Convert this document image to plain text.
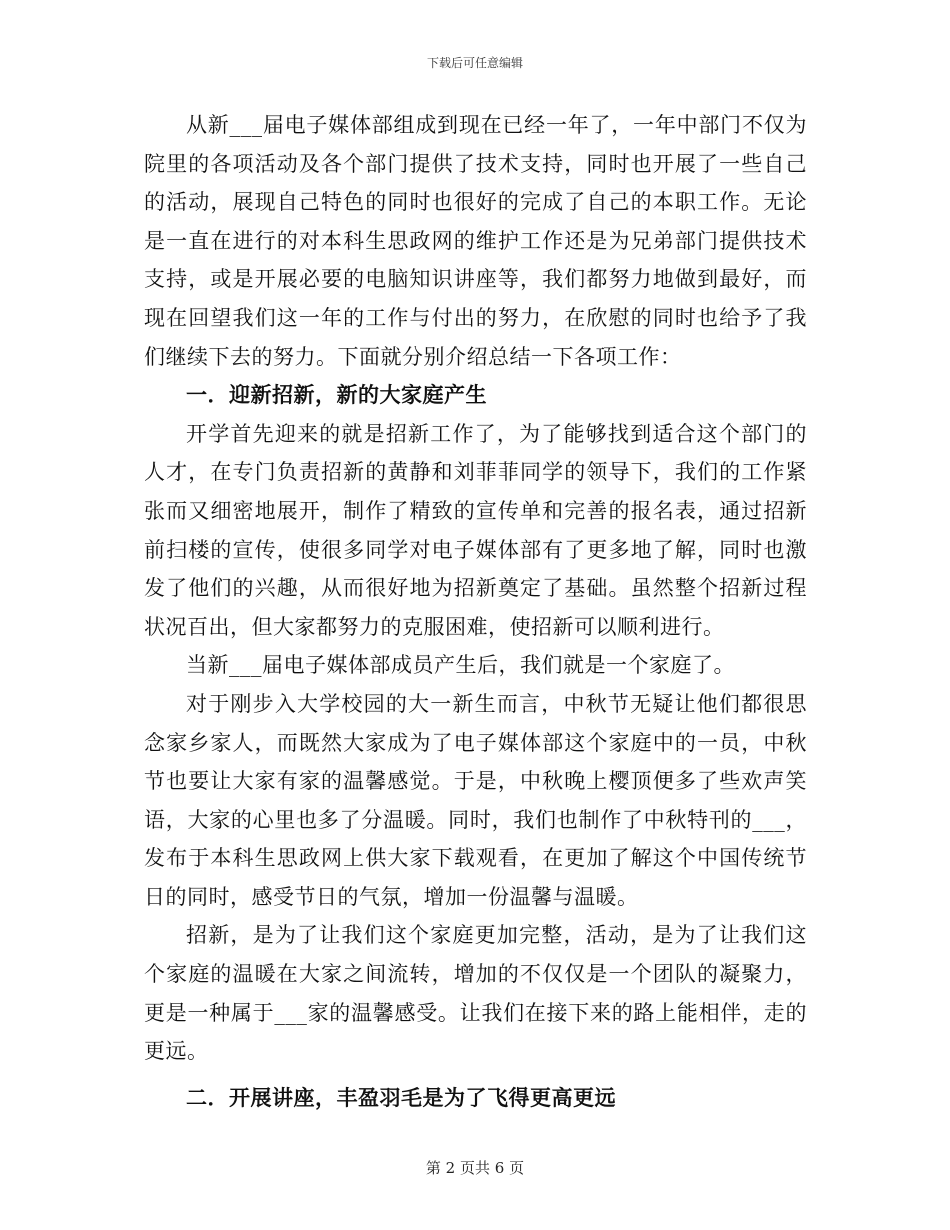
下载后可任意编辑

从新___届电子媒体部组成到现在已经一年了，一年中部门不仅为院里的各项活动及各个部门提供了技术支持，同时也开展了一些自己的活动，展现自己特色的同时也很好的完成了自己的本职工作。无论是一直在进行的对本科生思政网的维护工作还是为兄弟部门提供技术支持，或是开展必要的电脑知识讲座等，我们都努力地做到最好，而现在回望我们这一年的工作与付出的努力，在欣慰的同时也给予了我们继续下去的努力。下面就分别介绍总结一下各项工作：

一．迎新招新，新的大家庭产生

开学首先迎来的就是招新工作了，为了能够找到适合这个部门的人才，在专门负责招新的黄静和刘菲菲同学的领导下，我们的工作紧张而又细密地展开，制作了精致的宣传单和完善的报名表，通过招新前扫楼的宣传，使很多同学对电子媒体部有了更多地了解，同时也激发了他们的兴趣，从而很好地为招新奠定了基础。虽然整个招新过程状况百出，但大家都努力的克服困难，使招新可以顺利进行。

当新___届电子媒体部成员产生后，我们就是一个家庭了。

对于刚步入大学校园的大一新生而言，中秋节无疑让他们都很思念家乡家人，而既然大家成为了电子媒体部这个家庭中的一员，中秋节也要让大家有家的温馨感觉。于是，中秋晚上樱顶便多了些欢声笑语，大家的心里也多了分温暖。同时，我们也制作了中秋特刊的___，发布于本科生思政网上供大家下载观看，在更加了解这个中国传统节日的同时，感受节日的气氛，增加一份温馨与温暖。

招新，是为了让我们这个家庭更加完整，活动，是为了让我们这个家庭的温暖在大家之间流转，增加的不仅仅是一个团队的凝聚力，更是一种属于___家的温馨感受。让我们在接下来的路上能相伴，走的更远。

二．开展讲座，丰盈羽毛是为了飞得更高更远

第 2 页共 6 页
